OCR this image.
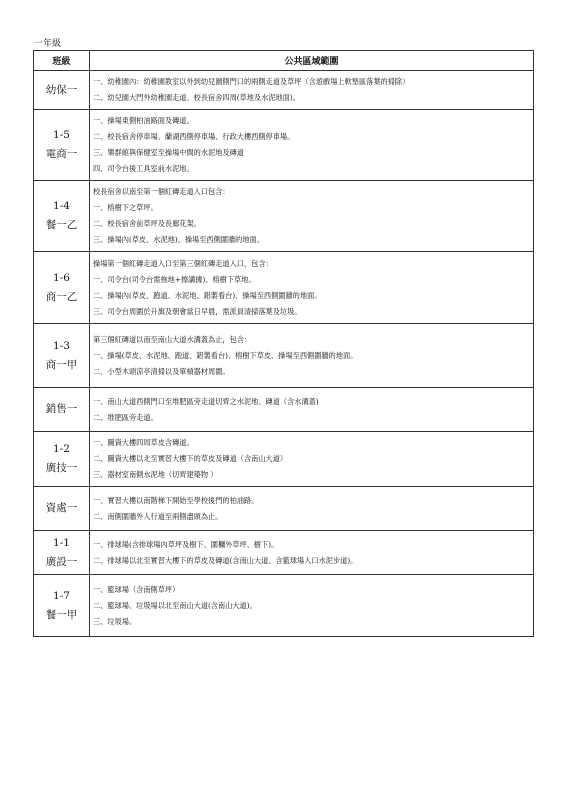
一年級
班級	公共區域範圍

幼保一	一、幼稚園內：幼稚園教室以外到幼兒園側門口的兩側走道及草坪（含遊戲場上軟墊區落葉的掃除）
二、幼兒園大門外幼稚園走道、校長宿舍四周(草地及水泥地面)。

1-5
電商一	一、操場東側柏油路面及磚道。
二、校長宿舍停車場、蘭湖西側停車場、行政大樓西側停車場。
三、樂群館與保健室至操場中間的水泥地及磚道
四、司令台後工具室前水泥地。

1-4
餐一乙	校長宿舍以南至第一個紅磚走道入口包含：
一、榕樹下之草坪。
二、校長宿舍前草坪及長廊花架。
三、操場內(草皮、水泥地)、操場至西側圍牆的地面。

1-6
商一乙	操場第一個紅磚走道入口至第三個紅磚走道入口，包含：
一、司令台(司令台需拖地+擦講據)、榕樹下草地。
二、操場內(草皮、跑道、水泥地、鋁製看台)、操場至西側圍牆的地面。
三、司令台周圍於升旗及朝會當日早晨，需派員清掃落葉及垃圾。

1-3
商一甲	第三個紅磚道以南至南山大道水溝蓋為止，包含：
一、操場(草皮、水泥地、跑道、鋁製看台)、榕樹下草皮、操場至西側圍牆的地面。
二、小型木頭涼亭清掃以及單槓器材周圍。

銷售一	一、南山大道西側門口至堆肥區旁走道切齊之水泥地、磚道（含水溝蓋)
二、堆肥區旁走道。

1-2
廣技一	一、圖資大樓四周草皮含磚道。
二、圖資大樓以北至實習大樓下的草皮及磚道（含南山大道）
三、器材室南側水泥地（切齊建築物 ）

資處一	一、實習大樓以南階梯下開始至學校後門的柏油路。
二、南側圍牆外人行道至兩側盡頭為止。

1-1
廣設一	一、排球場(含排球場內草坪及樹下、圍欄外草坪、樹下)。
二、排球場以北至實習大樓下的草皮及磚道(含南山大道、含籃球場入口水泥步道)。

1-7
餐一甲	一、籃球場（含南側草坪）
二、籃球場、垃圾場以北至南山大道(含南山大道)。
三、垃圾場。
